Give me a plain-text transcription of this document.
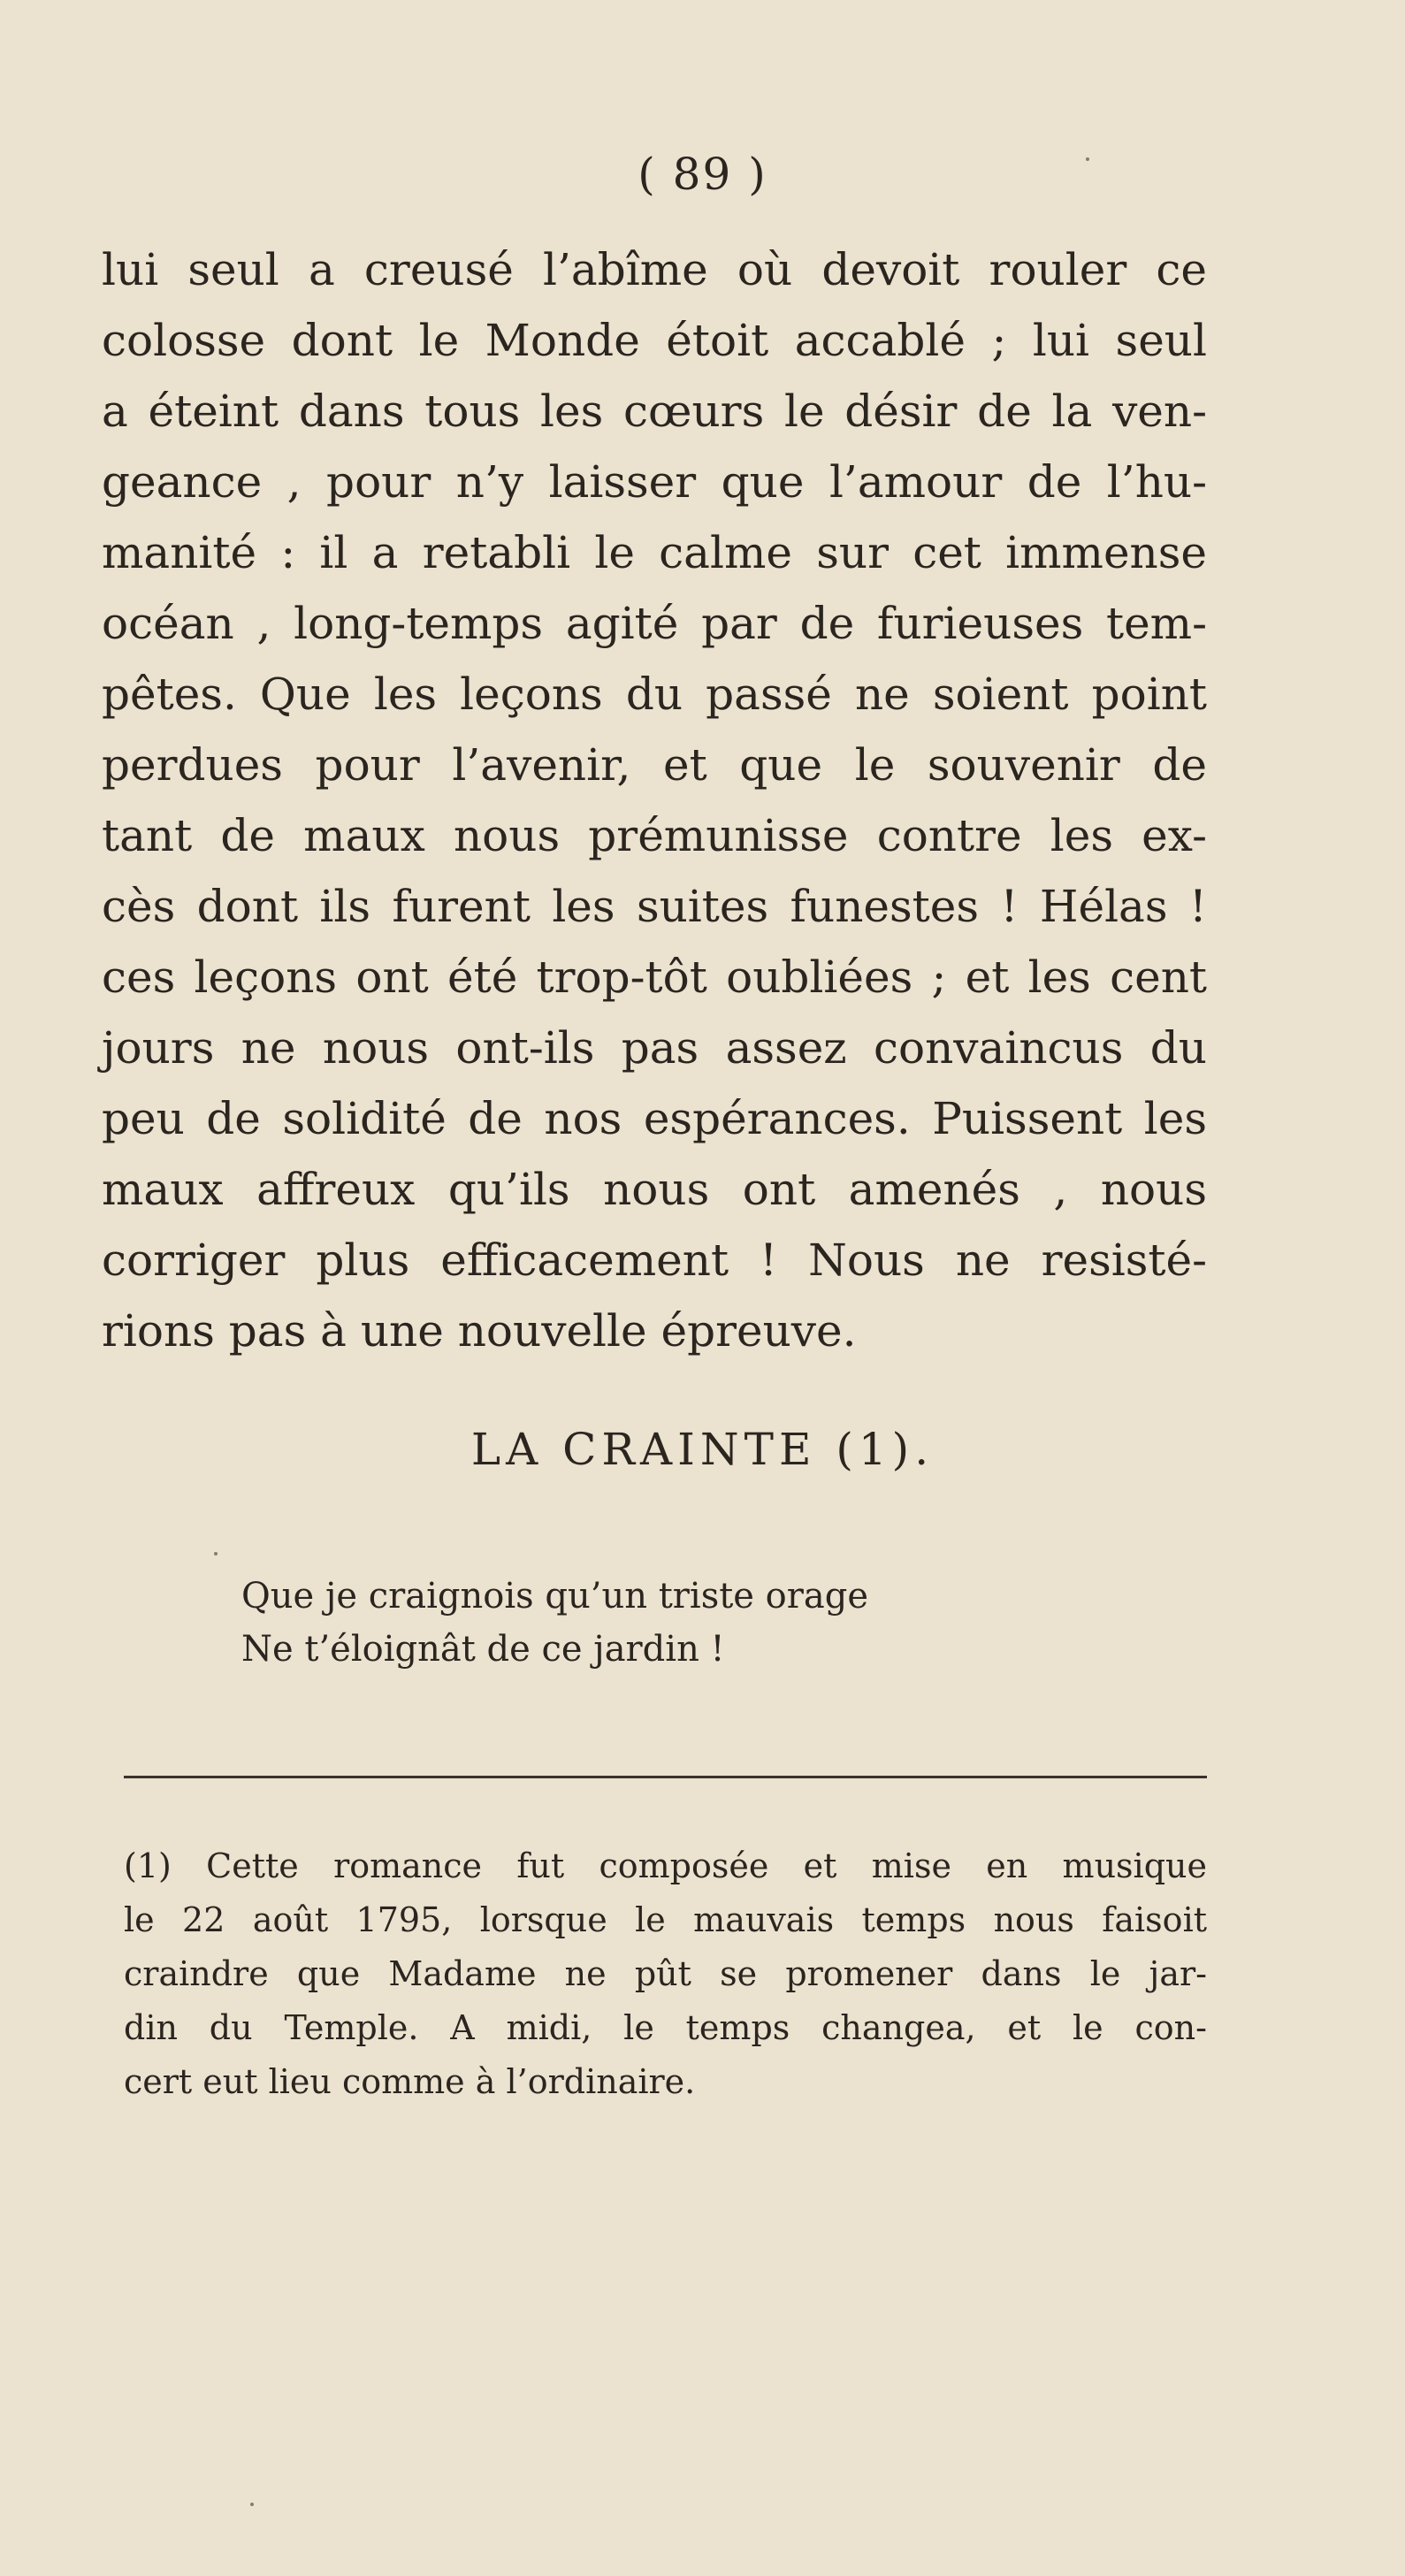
( 89 )
lui seul a creusé l’abîme où devoit rouler ce
colosse dont le Monde étoit accablé ; lui seul
a éteint dans tous les cœurs le désir de la ven-
geance , pour n’y laisser que l’amour de l’hu-
manité : il a retabli le calme sur cet immense
océan , long-temps agité par de furieuses tem-
pêtes. Que les leçons du passé ne soient point
perdues pour l’avenir, et que le souvenir de
tant de maux nous prémunisse contre les ex-
cès dont ils furent les suites funestes ! Hélas !
ces leçons ont été trop-tôt oubliées ; et les cent
jours ne nous ont-ils pas assez convaincus du
peu de solidité de nos espérances. Puissent les
maux affreux qu’ils nous ont amenés , nous
corriger plus efficacement ! Nous ne resisté-
rions pas à une nouvelle épreuve.
LA CRAINTE (1).
Que je craignois qu’un triste orage
Ne t’éloignât de ce jardin !
(1) Cette romance fut composée et mise en musique
le 22 août 1795, lorsque le mauvais temps nous faisoit
craindre que Madame ne pût se promener dans le jar-
din du Temple. A midi, le temps changea, et le con-
cert eut lieu comme à l’ordinaire.
